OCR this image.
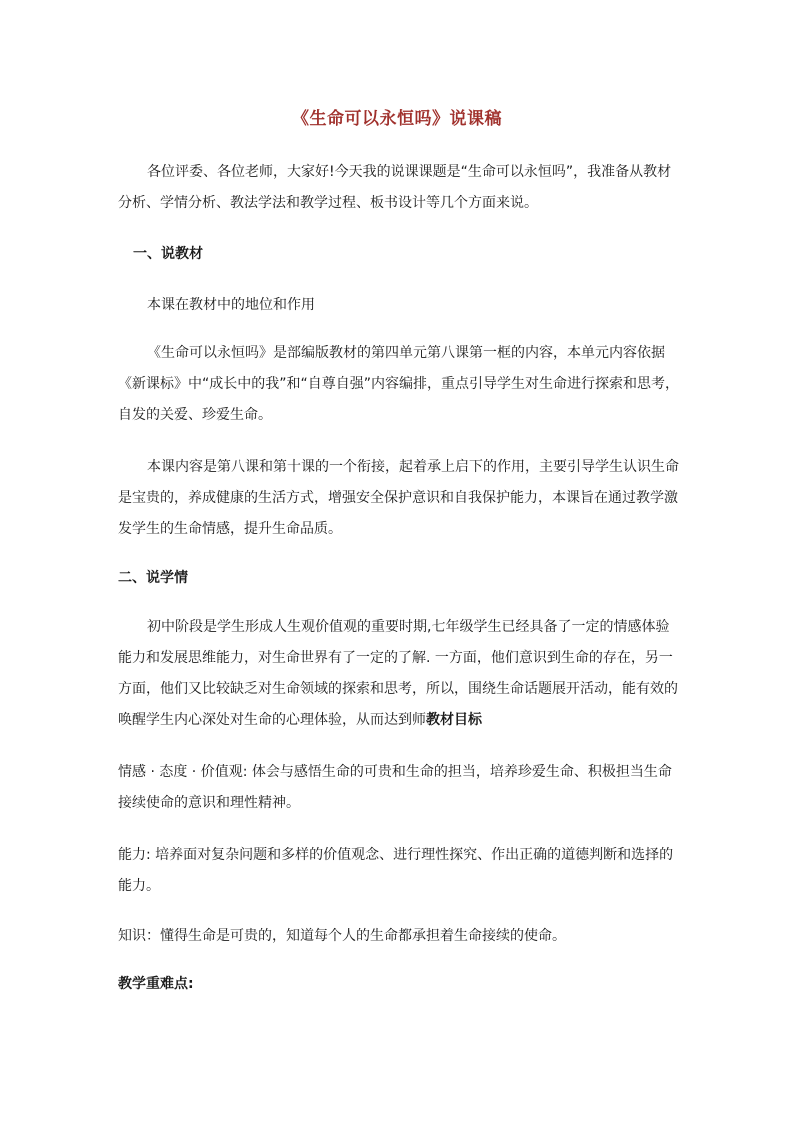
《生命可以永恒吗》说课稿

各位评委、各位老师，大家好!今天我的说课课题是“生命可以永恒吗”，我准备从教材分析、学情分析、教法学法和教学过程、板书设计等几个方面来说。

一、说教材

本课在教材中的地位和作用

《生命可以永恒吗》是部编版教材的第四单元第八课第一框的内容，本单元内容依据《新课标》中“成长中的我”和“自尊自强”内容编排，重点引导学生对生命进行探索和思考，自发的关爱、珍爱生命。

本课内容是第八课和第十课的一个衔接，起着承上启下的作用，主要引导学生认识生命是宝贵的，养成健康的生活方式，增强安全保护意识和自我保护能力，本课旨在通过教学激发学生的生命情感，提升生命品质。

二、说学情

初中阶段是学生形成人生观价值观的重要时期,七年级学生已经具备了一定的情感体验能力和发展思维能力，对生命世界有了一定的了解. 一方面，他们意识到生命的存在，另一方面，他们又比较缺乏对生命领域的探索和思考，所以，围绕生命话题展开活动，能有效的唤醒学生内心深处对生命的心理体验，从而达到师教材目标

情感 · 态度 · 价值观: 体会与感悟生命的可贵和生命的担当，培养珍爱生命、积极担当生命接续使命的意识和理性精神。

能力: 培养面对复杂问题和多样的价值观念、进行理性探究、作出正确的道德判断和选择的能力。

知识：懂得生命是可贵的，知道每个人的生命都承担着生命接续的使命。

教学重难点:
